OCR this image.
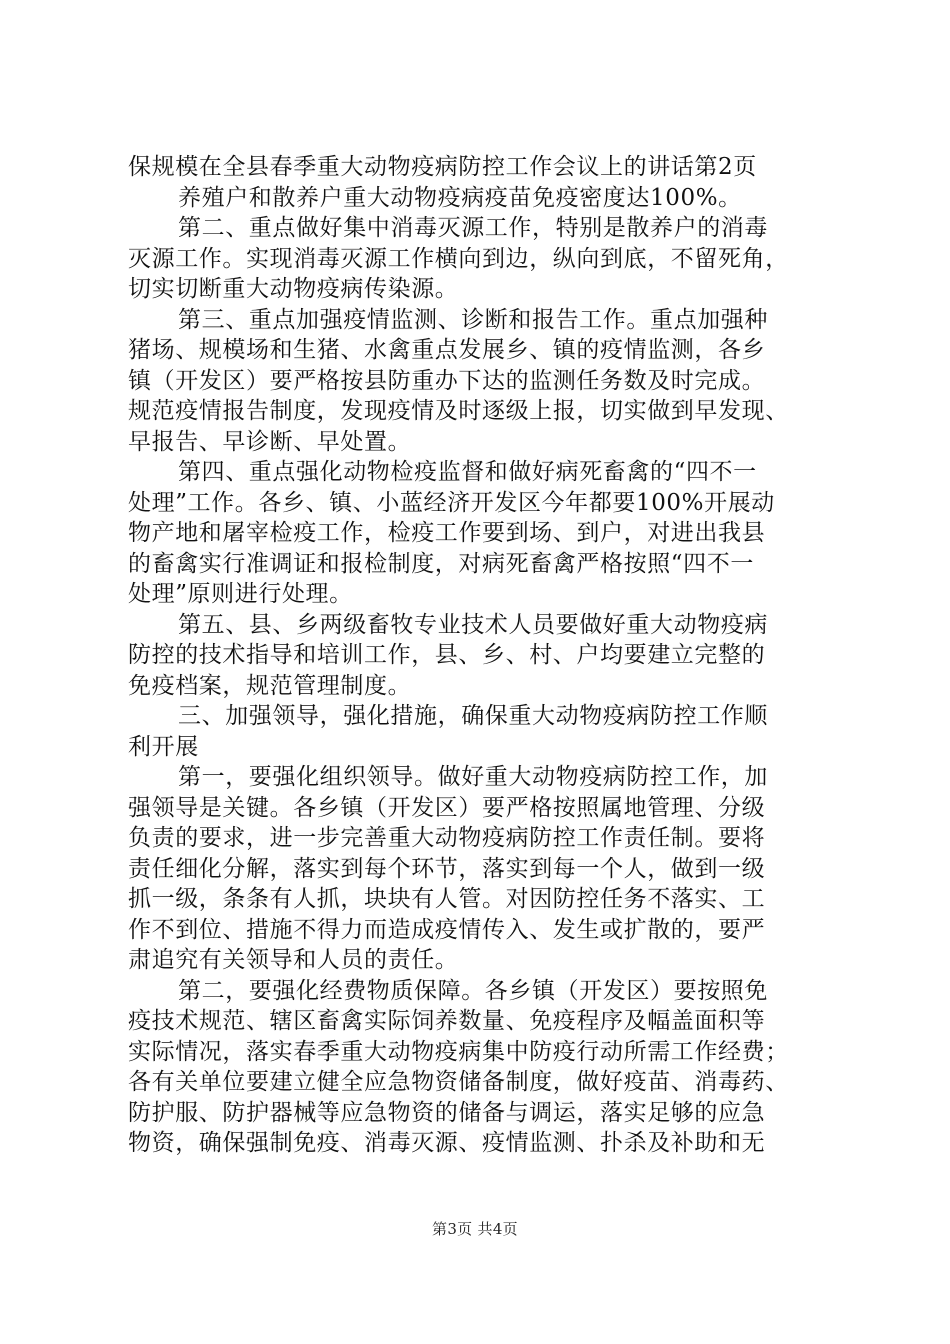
保规模在全县春季重大动物疫病防控工作会议上的讲话第2页
养殖户和散养户重大动物疫病疫苗免疫密度达100%。
第二、重点做好集中消毒灭源工作，特别是散养户的消毒
灭源工作。实现消毒灭源工作横向到边，纵向到底，不留死角，
切实切断重大动物疫病传染源。
第三、重点加强疫情监测、诊断和报告工作。重点加强种
猪场、规模场和生猪、水禽重点发展乡、镇的疫情监测，各乡
镇（开发区）要严格按县防重办下达的监测任务数及时完成。
规范疫情报告制度，发现疫情及时逐级上报，切实做到早发现、
早报告、早诊断、早处置。
第四、重点强化动物检疫监督和做好病死畜禽的“四不一
处理”工作。各乡、镇、小蓝经济开发区今年都要100%开展动
物产地和屠宰检疫工作，检疫工作要到场、到户，对进出我县
的畜禽实行准调证和报检制度，对病死畜禽严格按照“四不一
处理”原则进行处理。
第五、县、乡两级畜牧专业技术人员要做好重大动物疫病
防控的技术指导和培训工作，县、乡、村、户均要建立完整的
免疫档案，规范管理制度。
三、加强领导，强化措施，确保重大动物疫病防控工作顺
利开展
第一，要强化组织领导。做好重大动物疫病防控工作，加
强领导是关键。各乡镇（开发区）要严格按照属地管理、分级
负责的要求，进一步完善重大动物疫病防控工作责任制。要将
责任细化分解，落实到每个环节，落实到每一个人，做到一级
抓一级，条条有人抓，块块有人管。对因防控任务不落实、工
作不到位、措施不得力而造成疫情传入、发生或扩散的，要严
肃追究有关领导和人员的责任。
第二，要强化经费物质保障。各乡镇（开发区）要按照免
疫技术规范、辖区畜禽实际饲养数量、免疫程序及幅盖面积等
实际情况，落实春季重大动物疫病集中防疫行动所需工作经费；
各有关单位要建立健全应急物资储备制度，做好疫苗、消毒药、
防护服、防护器械等应急物资的储备与调运，落实足够的应急
物资，确保强制免疫、消毒灭源、疫情监测、扑杀及补助和无
第3页 共4页
